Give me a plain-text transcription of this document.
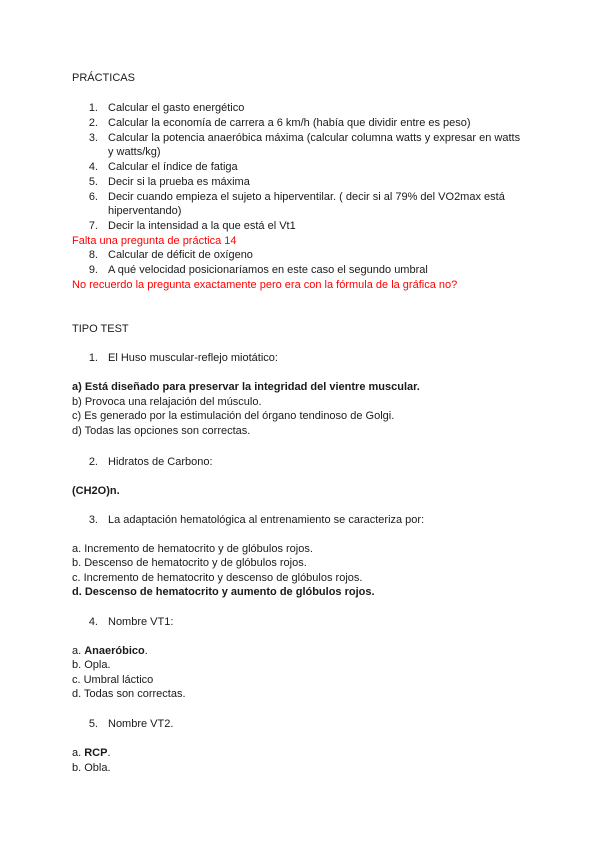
PRÁCTICAS
1. Calcular el gasto energético
2. Calcular la economía de carrera a 6 km/h (había que dividir entre es peso)
3. Calcular la potencia anaeróbica máxima (calcular columna watts y expresar en watts
y watts/kg)
4. Calcular el índice de fatiga
5. Decir si la prueba es máxima
6. Decir cuando empieza el sujeto a hiperventilar. ( decir si al 79% del VO2max está
hiperventando)
7. Decir la intensidad a la que está el Vt1
Falta una pregunta de práctica 14
8. Calcular de déficit de oxígeno
9. A qué velocidad posicionaríamos en este caso el segundo umbral
No recuerdo la pregunta exactamente pero era con la fórmula de la gráfica no?
TIPO TEST
1. El Huso muscular-reflejo miotático:
a) Está diseñado para preservar la integridad del vientre muscular.
b) Provoca una relajación del músculo.
c) Es generado por la estimulación del órgano tendinoso de Golgi.
d) Todas las opciones son correctas.
2. Hidratos de Carbono:
(CH2O)n.
3. La adaptación hematológica al entrenamiento se caracteriza por:
a. Incremento de hematocrito y de glóbulos rojos.
b. Descenso de hematocrito y de glóbulos rojos.
c. Incremento de hematocrito y descenso de glóbulos rojos.
d. Descenso de hematocrito y aumento de glóbulos rojos.
4. Nombre VT1:
a. Anaeróbico.
b. Opla.
c. Umbral láctico
d. Todas son correctas.
5. Nombre VT2.
a. RCP.
b. Obla.
